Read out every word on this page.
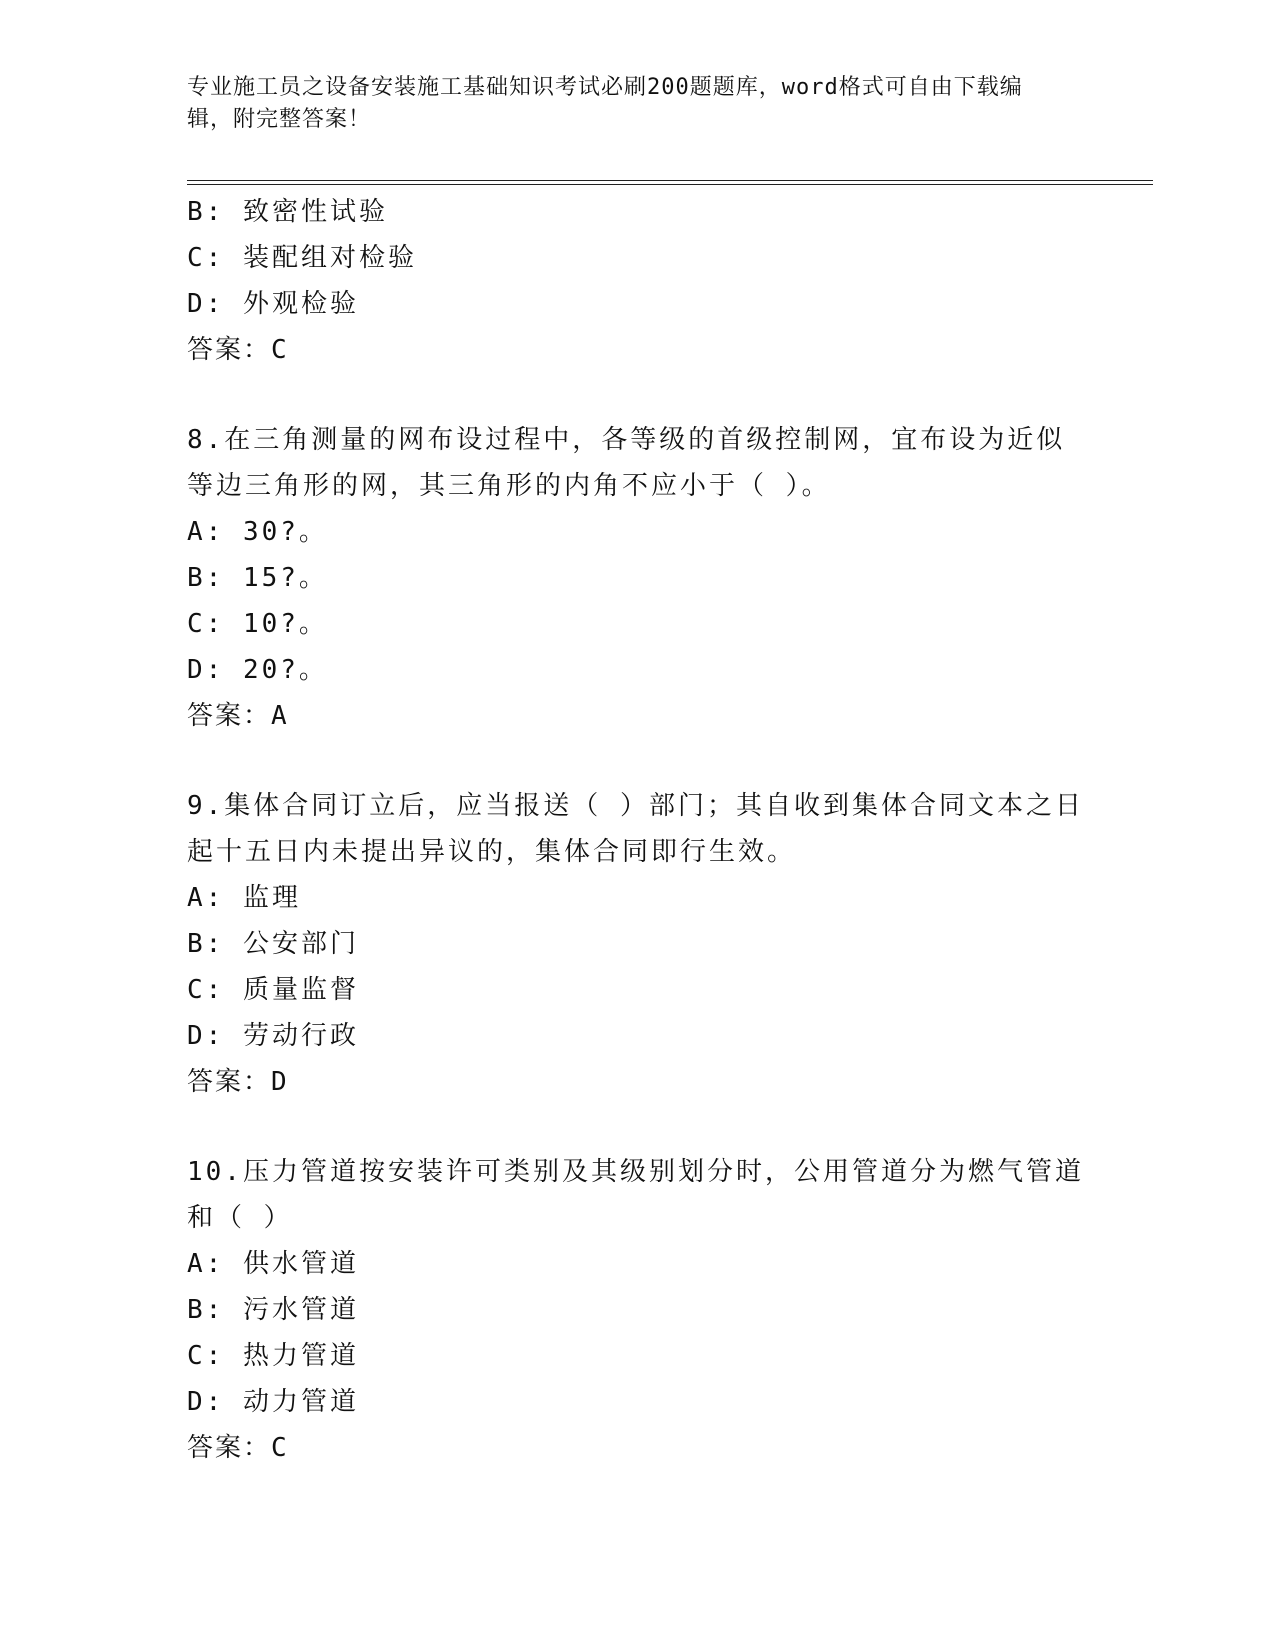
专业施工员之设备安装施工基础知识考试必刷200题题库，word格式可自由下载编辑，附完整答案！

B: 致密性试验
C: 装配组对检验
D: 外观检验
答案：C
8.在三角测量的网布设过程中，各等级的首级控制网，宜布设为近似等边三角形的网，其三角形的内角不应小于（ ）。
A: 30?。
B: 15?。
C: 10?。
D: 20?。
答案：A
9.集体合同订立后，应当报送（ ）部门；其自收到集体合同文本之日起十五日内未提出异议的，集体合同即行生效。
A: 监理
B: 公安部门
C: 质量监督
D: 劳动行政
答案：D
10.压力管道按安装许可类别及其级别划分时，公用管道分为燃气管道和（ ）
A: 供水管道
B: 污水管道
C: 热力管道
D: 动力管道
答案：C
